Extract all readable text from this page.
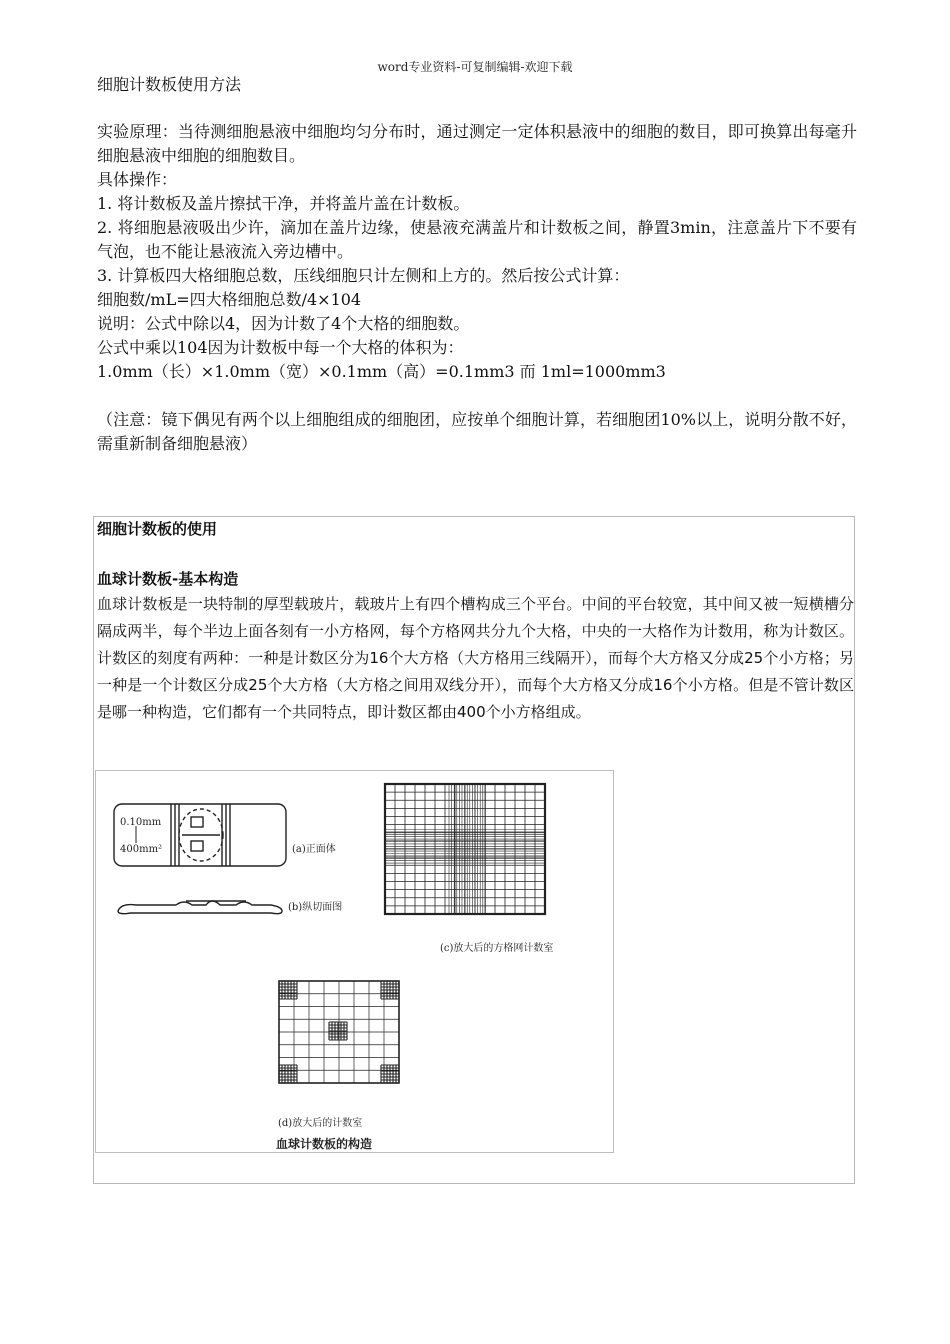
word专业资料-可复制编辑-欢迎下载
细胞计数板使用方法

实验原理：当待测细胞悬液中细胞均匀分布时，通过测定一定体积悬液中的细胞的数目，即可换算出每毫升细胞悬液中细胞的细胞数目。

具体操作：

1. 将计数板及盖片擦拭干净，并将盖片盖在计数板。

2. 将细胞悬液吸出少许，滴加在盖片边缘，使悬液充满盖片和计数板之间，静置3min，注意盖片下不要有气泡，也不能让悬液流入旁边槽中。

3. 计算板四大格细胞总数，压线细胞只计左侧和上方的。然后按公式计算：

细胞数/mL=四大格细胞总数/4×104

说明：公式中除以4，因为计数了4个大格的细胞数。

公式中乘以104因为计数板中每一个大格的体积为：

1.0mm（长）×1.0mm（宽）×0.1mm（高）=0.1mm3 而 1ml=1000mm3

（注意：镜下偶见有两个以上细胞组成的细胞团，应按单个细胞计算，若细胞团10%以上，说明分散不好，需重新制备细胞悬液）

细胞计数板的使用
血球计数板-基本构造
血球计数板是一块特制的厚型载玻片，载玻片上有四个槽构成三个平台。中间的平台较宽，其中间又被一短横槽分隔成两半，每个半边上面各刻有一小方格网，每个方格网共分九个大格，中央的一大格作为计数用，称为计数区。计数区的刻度有两种：一种是计数区分为16个大方格（大方格用三线隔开），而每个大方格又分成25个小方格；另一种是一个计数区分成25个大方格（大方格之间用双线分开），而每个大方格又分成16个小方格。但是不管计数区是哪一种构造，它们都有一个共同特点，即计数区都由400个小方格组成。
0.10mm
400mm²	(a)正面体
(b)纵切面图
(c)放大后的方格网计数室
(d)放大后的计数室
血球计数板的构造
